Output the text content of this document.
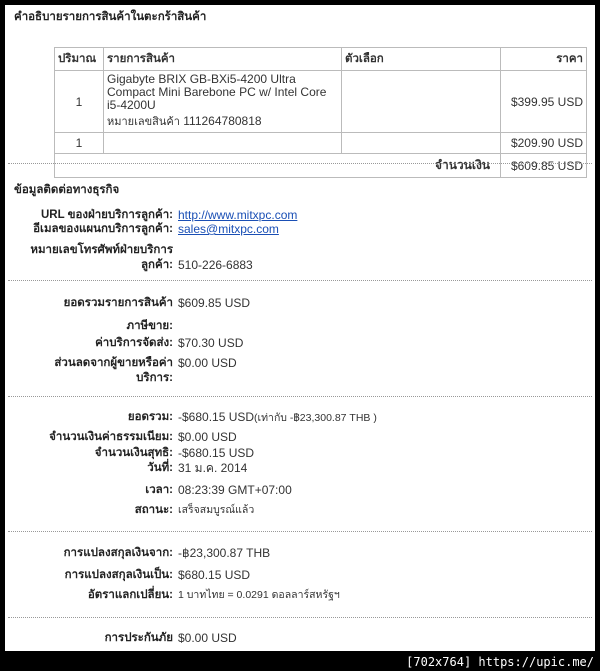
คำอธิบายรายการสินค้าในตะกร้าสินค้า
ปริมาณ	รายการสินค้า	ตัวเลือก	ราคา
1	Gigabyte BRIX GB-BXi5-4200 Ultra Compact Mini Barebone PC w/ Intel Core i5-4200U
หมายเลขสินค้า 111264780818		$399.95 USD
1			$209.90 USD
จำนวนเงิน			$609.85 USD
ข้อมูลติดต่อทางธุรกิจ
URL ของฝ่ายบริการลูกค้า: http://www.mitxpc.com
อีเมลของแผนกบริการลูกค้า: sales@mitxpc.com
หมายเลขโทรศัพท์ฝ่ายบริการลูกค้า: 510-226-6883
ยอดรวมรายการสินค้า $609.85 USD
ภาษีขาย:
ค่าบริการจัดส่ง: $70.30 USD
ส่วนลดจากผู้ขายหรือค่าบริการ:
$0.00 USD
ยอดรวม: -$680.15 USD(เท่ากับ -฿23,300.87 THB )
จำนวนเงินค่าธรรมเนียม: $0.00 USD
จำนวนเงินสุทธิ: -$680.15 USD
วันที่: 31 ม.ค. 2014
เวลา: 08:23:39 GMT+07:00
สถานะ: เสร็จสมบูรณ์แล้ว
การแปลงสกุลเงินจาก: -฿23,300.87 THB
การแปลงสกุลเงินเป็น: $680.15 USD
อัตราแลกเปลี่ยน: 1 บาทไทย = 0.0291 ดอลลาร์สหรัฐฯ
การประกันภัย $0.00 USD
[702x764] https://upic.me/
